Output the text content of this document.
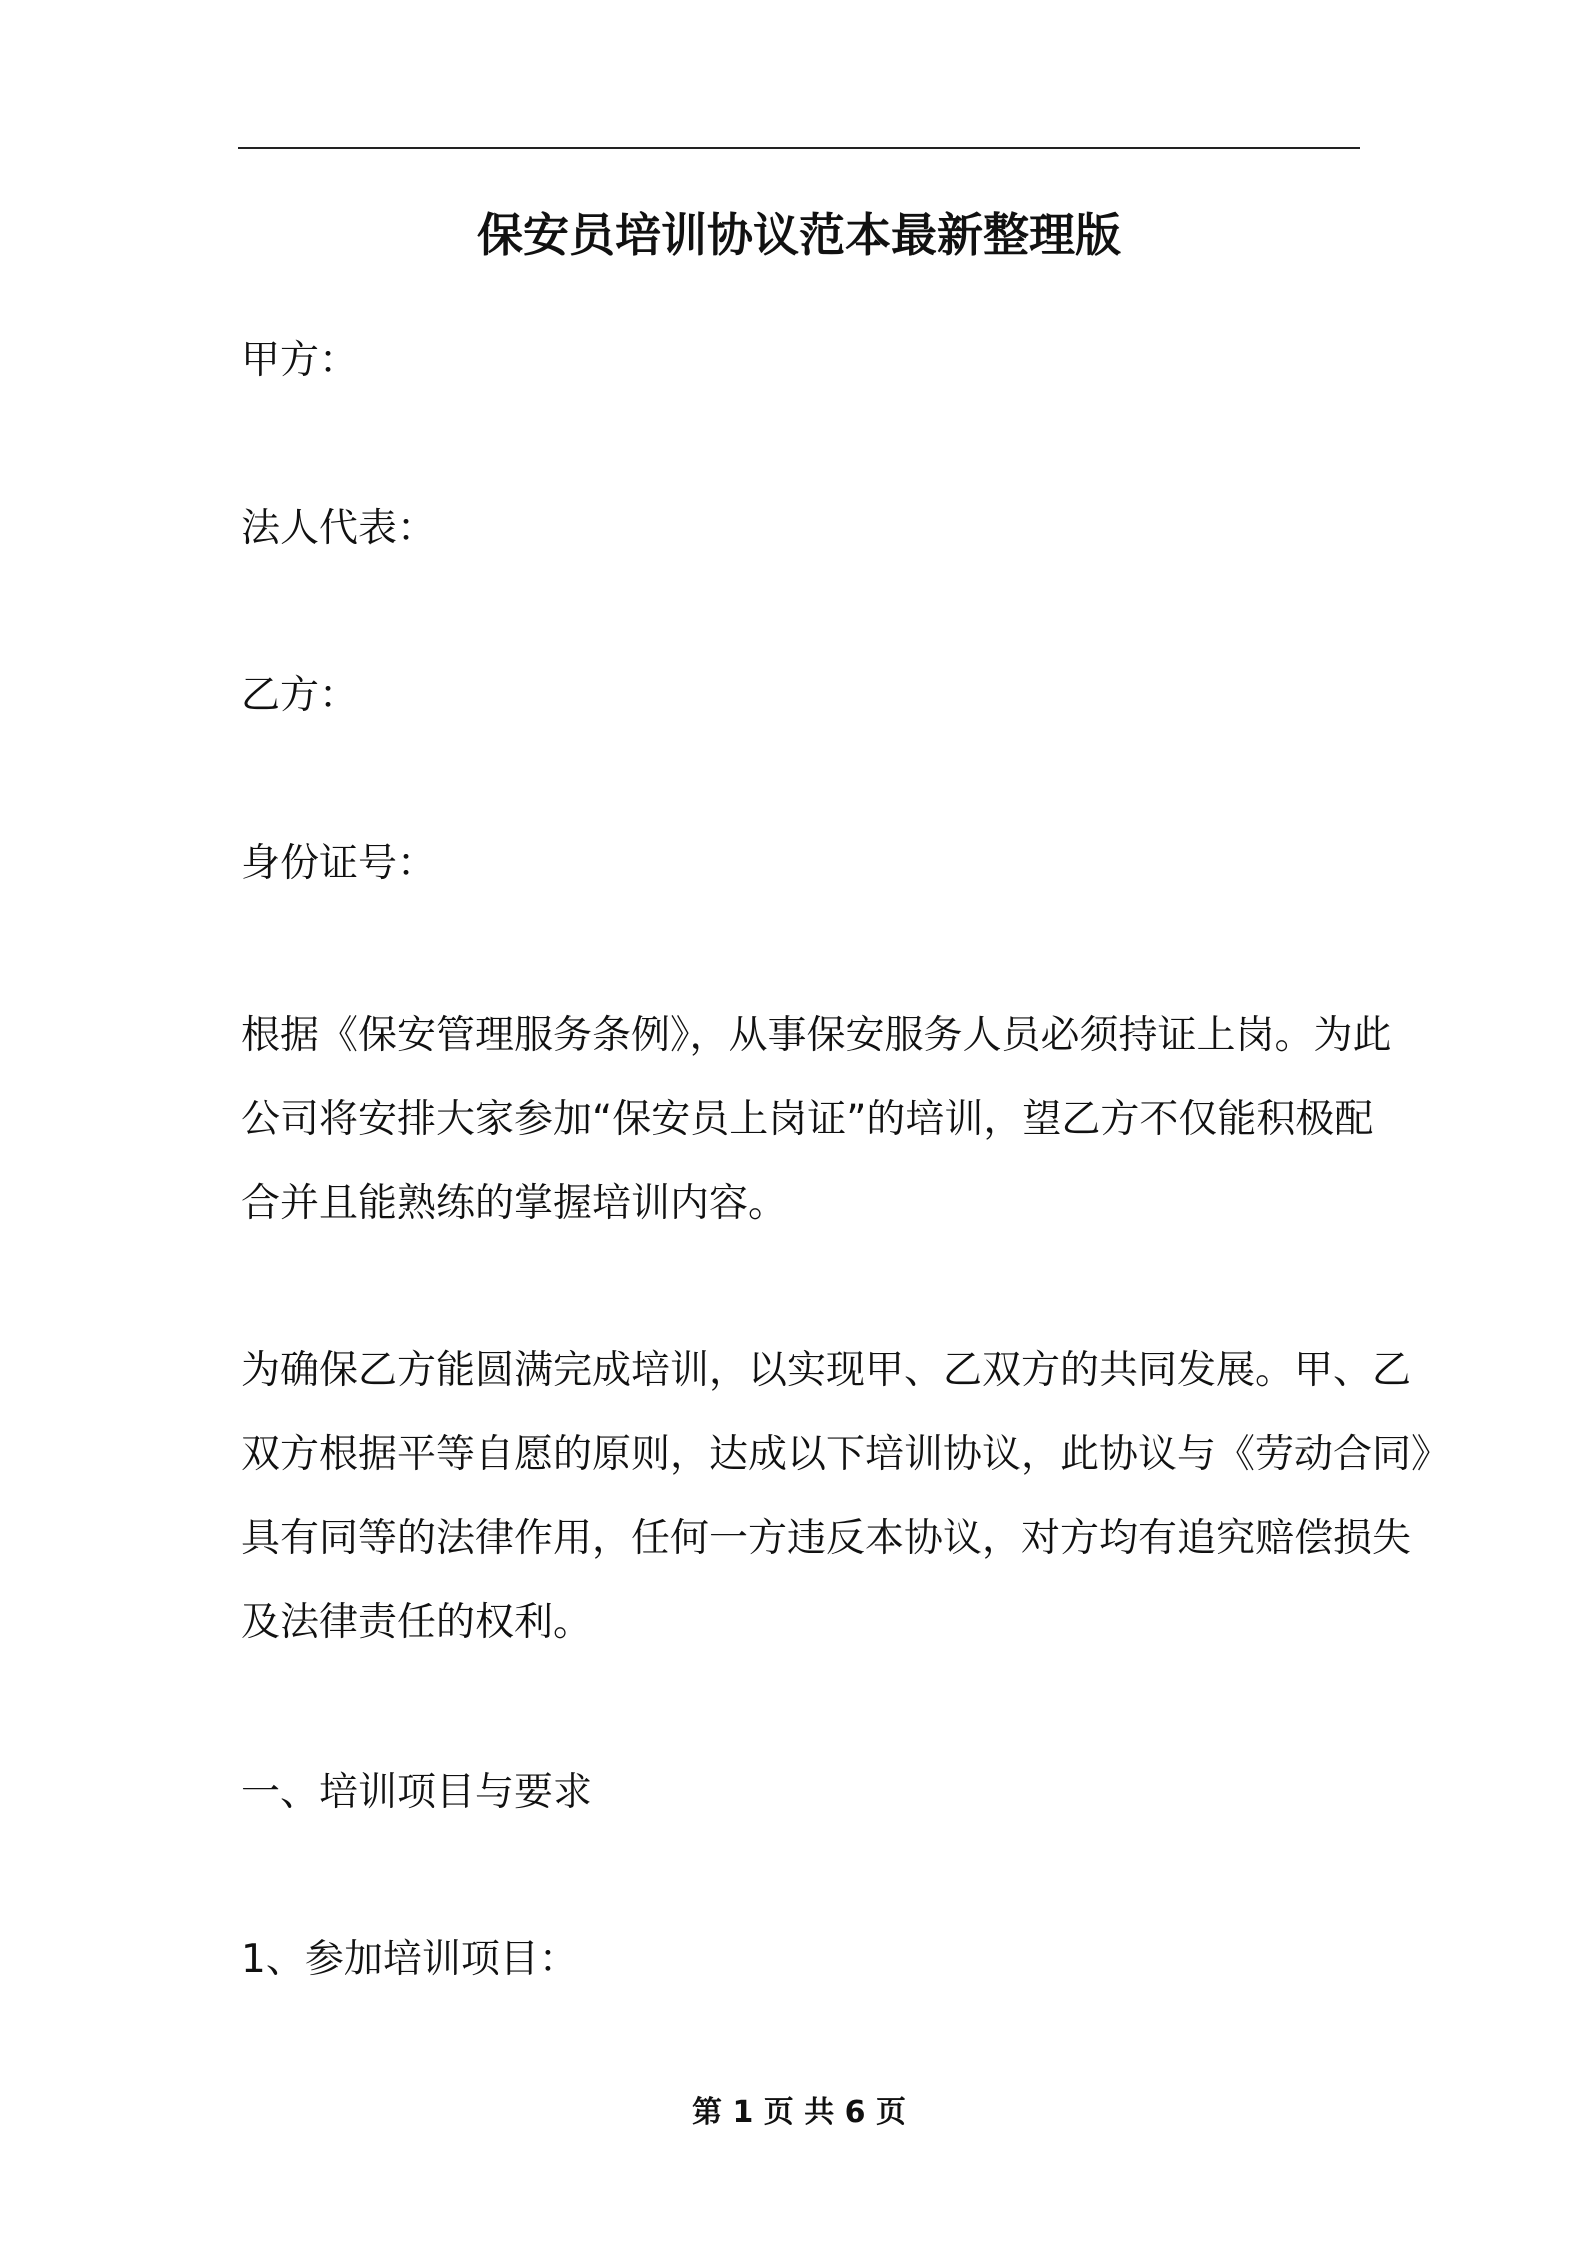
保安员培训协议范本最新整理版

甲方：

法人代表：

乙方：

身份证号：

根据《保安管理服务条例》，从事保安服务人员必须持证上岗。为此
公司将安排大家参加“保安员上岗证”的培训，望乙方不仅能积极配
合并且能熟练的掌握培训内容。
为确保乙方能圆满完成培训，以实现甲、乙双方的共同发展。甲、乙
双方根据平等自愿的原则，达成以下培训协议，此协议与《劳动合同》
具有同等的法律作用，任何一方违反本协议，对方均有追究赔偿损失
及法律责任的权利。

一、培训项目与要求

1、参加培训项目：

第 1 页 共 6 页
